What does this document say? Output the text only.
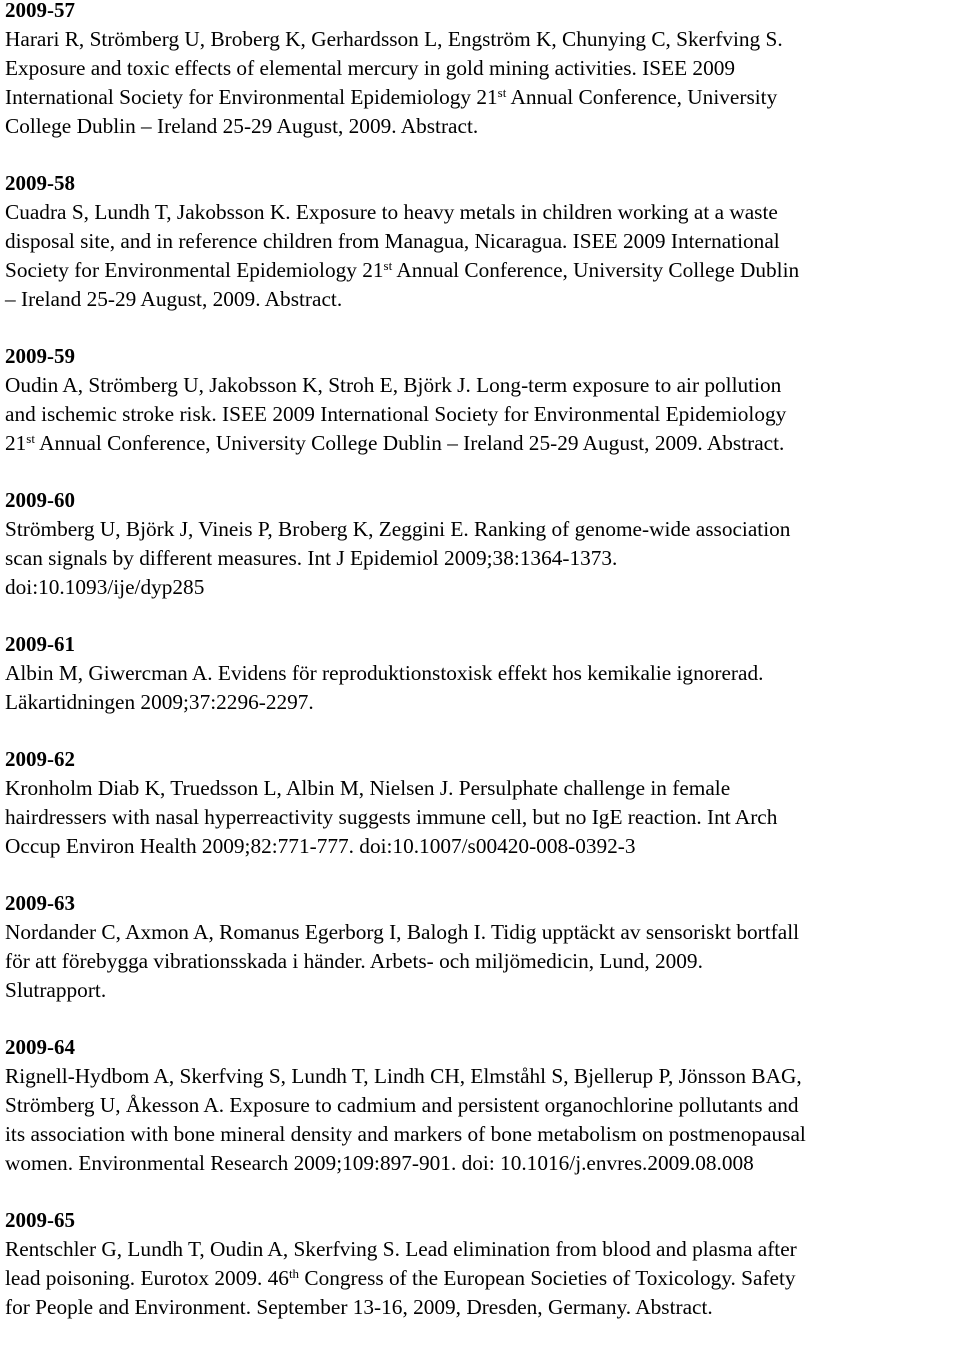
2009-57

Harari R, Strömberg U, Broberg K, Gerhardsson L, Engström K, Chunying C, Skerfving S.
Exposure and toxic effects of elemental mercury in gold mining activities. ISEE 2009
International Society for Environmental Epidemiology 21st Annual Conference, University
College Dublin – Ireland 25-29 August, 2009. Abstract.

2009-58

Cuadra S, Lundh T, Jakobsson K. Exposure to heavy metals in children working at a waste
disposal site, and in reference children from Managua, Nicaragua. ISEE 2009 International
Society for Environmental Epidemiology 21st Annual Conference, University College Dublin
– Ireland 25-29 August, 2009. Abstract.

2009-59

Oudin A, Strömberg U, Jakobsson K, Stroh E, Björk J. Long-term exposure to air pollution
and ischemic stroke risk. ISEE 2009 International Society for Environmental Epidemiology
21st Annual Conference, University College Dublin – Ireland 25-29 August, 2009. Abstract.

2009-60

Strömberg U, Björk J, Vineis P, Broberg K, Zeggini E. Ranking of genome-wide association
scan signals by different measures. Int J Epidemiol 2009;38:1364-1373.
doi:10.1093/ije/dyp285

2009-61

Albin M, Giwercman A. Evidens för reproduktionstoxisk effekt hos kemikalie ignorerad.
Läkartidningen 2009;37:2296-2297.

2009-62

Kronholm Diab K, Truedsson L, Albin M, Nielsen J. Persulphate challenge in female
hairdressers with nasal hyperreactivity suggests immune cell, but no IgE reaction. Int Arch
Occup Environ Health 2009;82:771-777. doi:10.1007/s00420-008-0392-3

2009-63

Nordander C, Axmon A, Romanus Egerborg I, Balogh I. Tidig upptäckt av sensoriskt bortfall
för att förebygga vibrationsskada i händer. Arbets- och miljömedicin, Lund, 2009.
Slutrapport.

2009-64

Rignell-Hydbom A, Skerfving S, Lundh T, Lindh CH, Elmståhl S, Bjellerup P, Jönsson BAG,
Strömberg U, Åkesson A. Exposure to cadmium and persistent organochlorine pollutants and
its association with bone mineral density and markers of bone metabolism on postmenopausal
women. Environmental Research 2009;109:897-901. doi: 10.1016/j.envres.2009.08.008

2009-65

Rentschler G, Lundh T, Oudin A, Skerfving S. Lead elimination from blood and plasma after
lead poisoning. Eurotox 2009. 46th Congress of the European Societies of Toxicology. Safety
for People and Environment. September 13-16, 2009, Dresden, Germany. Abstract.
